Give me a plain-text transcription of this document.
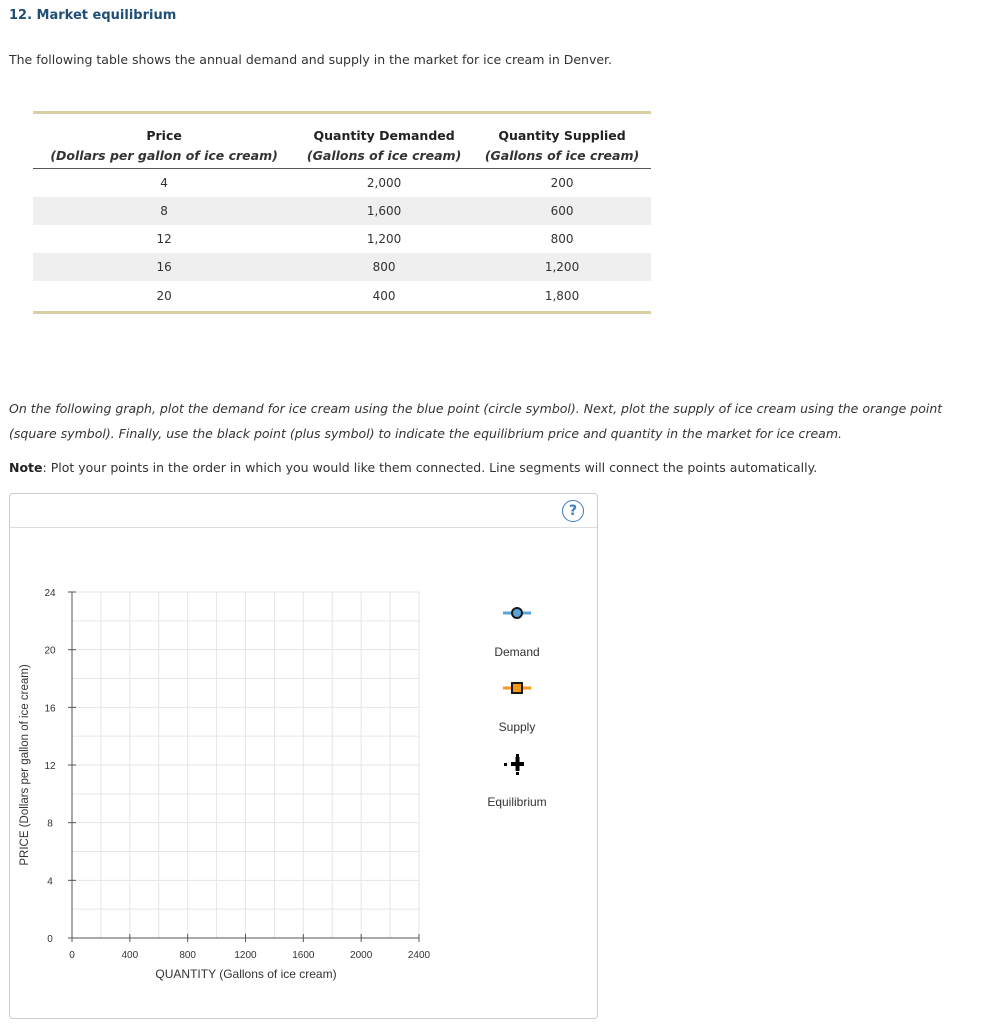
12. Market equilibrium
The following table shows the annual demand and supply in the market for ice cream in Denver.
Price	Quantity Demanded	Quantity Supplied
(Dollars per gallon of ice cream)	(Gallons of ice cream)	(Gallons of ice cream)
4	2,000	200
8	1,600	600
12	1,200	800
16	800	1,200
20	400	1,800
On the following graph, plot the demand for ice cream using the blue point (circle symbol). Next, plot the supply of ice cream using the orange point (square symbol). Finally, use the black point (plus symbol) to indicate the equilibrium price and quantity in the market for ice cream.
Note: Plot your points in the order in which you would like them connected. Line segments will connect the points automatically.
?
0	400	800	1200	1600	2000	2400
0
4
8
12
16
20
24
QUANTITY (Gallons of ice cream)
PRICE (Dollars per gallon of ice cream)
Demand
Supply
Equilibrium
